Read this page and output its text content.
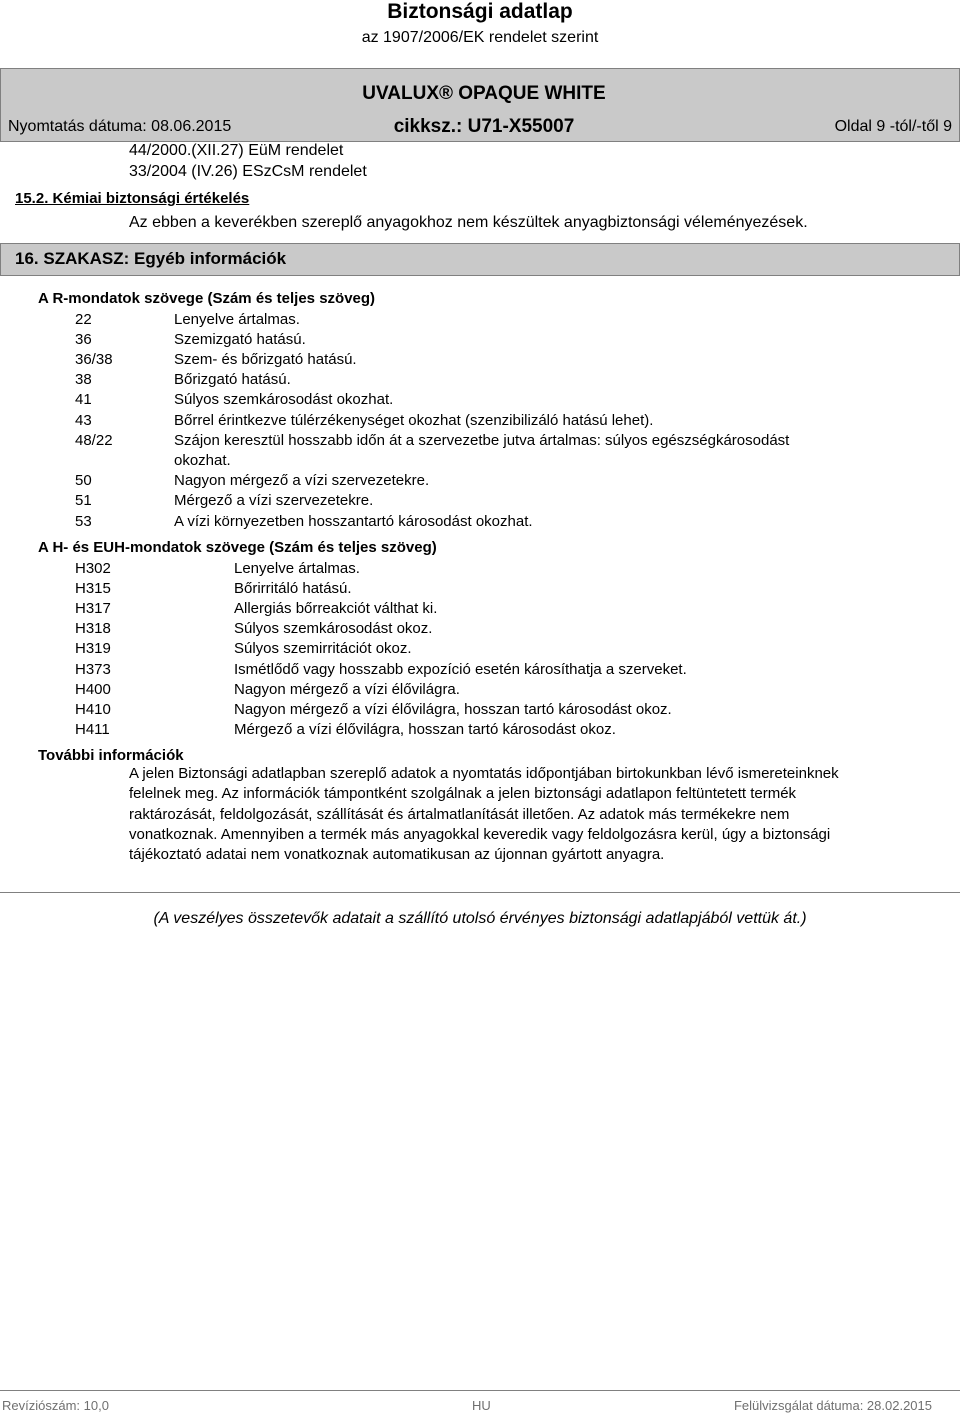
Biztonsági adatlap
az 1907/2006/EK rendelet szerint
UVALUX® OPAQUE WHITE
Nyomtatás dátuma: 08.06.2015	cikksz.: U71-X55007	Oldal 9 -tól/-től 9
44/2000.(XII.27) EüM rendelet
33/2004 (IV.26) ESzCsM rendelet
15.2. Kémiai biztonsági értékelés
Az ebben a keverékben szereplő anyagokhoz nem készültek anyagbiztonsági véleményezések.
16. SZAKASZ: Egyéb információk
A R-mondatok szövege (Szám és teljes szöveg)
22	Lenyelve ártalmas.
36	Szemizgató hatású.
36/38	Szem- és bőrizgató hatású.
38	Bőrizgató hatású.
41	Súlyos szemkárosodást okozhat.
43	Bőrrel érintkezve túlérzékenységet okozhat (szenzibilizáló hatású lehet).
48/22	Szájon keresztül hosszabb időn át a szervezetbe jutva ártalmas: súlyos egészségkárosodást
okozhat.
50	Nagyon mérgező a vízi szervezetekre.
51	Mérgező a vízi szervezetekre.
53	A vízi környezetben hosszantartó károsodást okozhat.
A H- és EUH-mondatok szövege (Szám és teljes szöveg)
H302	Lenyelve ártalmas.
H315	Bőrirritáló hatású.
H317	Allergiás bőrreakciót válthat ki.
H318	Súlyos szemkárosodást okoz.
H319	Súlyos szemirritációt okoz.
H373	Ismétlődő vagy hosszabb expozíció esetén károsíthatja a szerveket.
H400	Nagyon mérgező a vízi élővilágra.
H410	Nagyon mérgező a vízi élővilágra, hosszan tartó károsodást okoz.
H411	Mérgező a vízi élővilágra, hosszan tartó károsodást okoz.
További információk
A jelen Biztonsági adatlapban szereplő adatok a nyomtatás időpontjában birtokunkban lévő ismereteinknek felelnek meg. Az információk támpontként szolgálnak a jelen biztonsági adatlapon feltüntetett termék raktározását, feldolgozását, szállítását és ártalmatlanítását illetően. Az adatok más termékekre nem vonatkoznak. Amennyiben a termék más anyagokkal keveredik vagy feldolgozásra kerül, úgy a biztonsági tájékoztató adatai nem vonatkoznak automatikusan az újonnan gyártott anyagra.
(A veszélyes összetevők adatait a szállító utolsó érvényes biztonsági adatlapjából vettük át.)
Revíziószám: 10,0	HU	Felülvizsgálat dátuma: 28.02.2015
